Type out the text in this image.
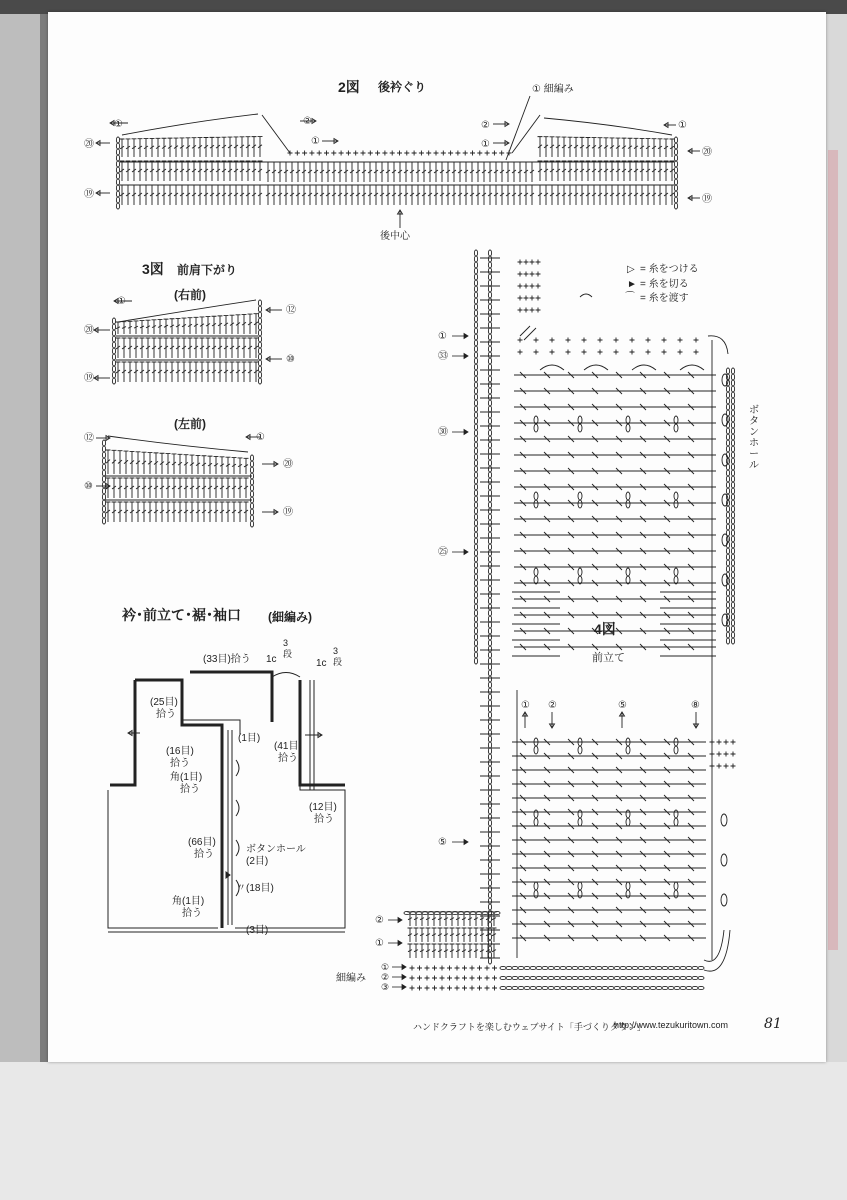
2図 後衿ぐり	① 細編み
後中心
①
⑳
⑲
①
⑳
⑲
②
①
②
①
3図 前肩下がり
(右前)
(左前)
①
⑳
⑲
⑫
⑩
⑫
⑩
①
⑳
⑲
衿･前立て･裾･袖口 (細編み)
(33目)拾う 1c
3段
1c
3段
(25目)
拾う
(1目)
(16目)
拾う
角(1目)
拾う
(41目)
拾う
(12目)
拾う
(66目)
拾う	ボタンホール
(2目)
〃(18目)
角(1目)
拾う
(3目)
▷ = 糸をつける
► = 糸を切る
⌒ = 糸を渡す
4図
前立て
ボタンホール
①
㉝
㉚
㉕
⑤
②
①
① ②	⑤	⑧
細編み
①
②
③
ハンドクラフトを楽しむウェブサイト「手づくりタウン」
http://www.tezukuritown.com	81
